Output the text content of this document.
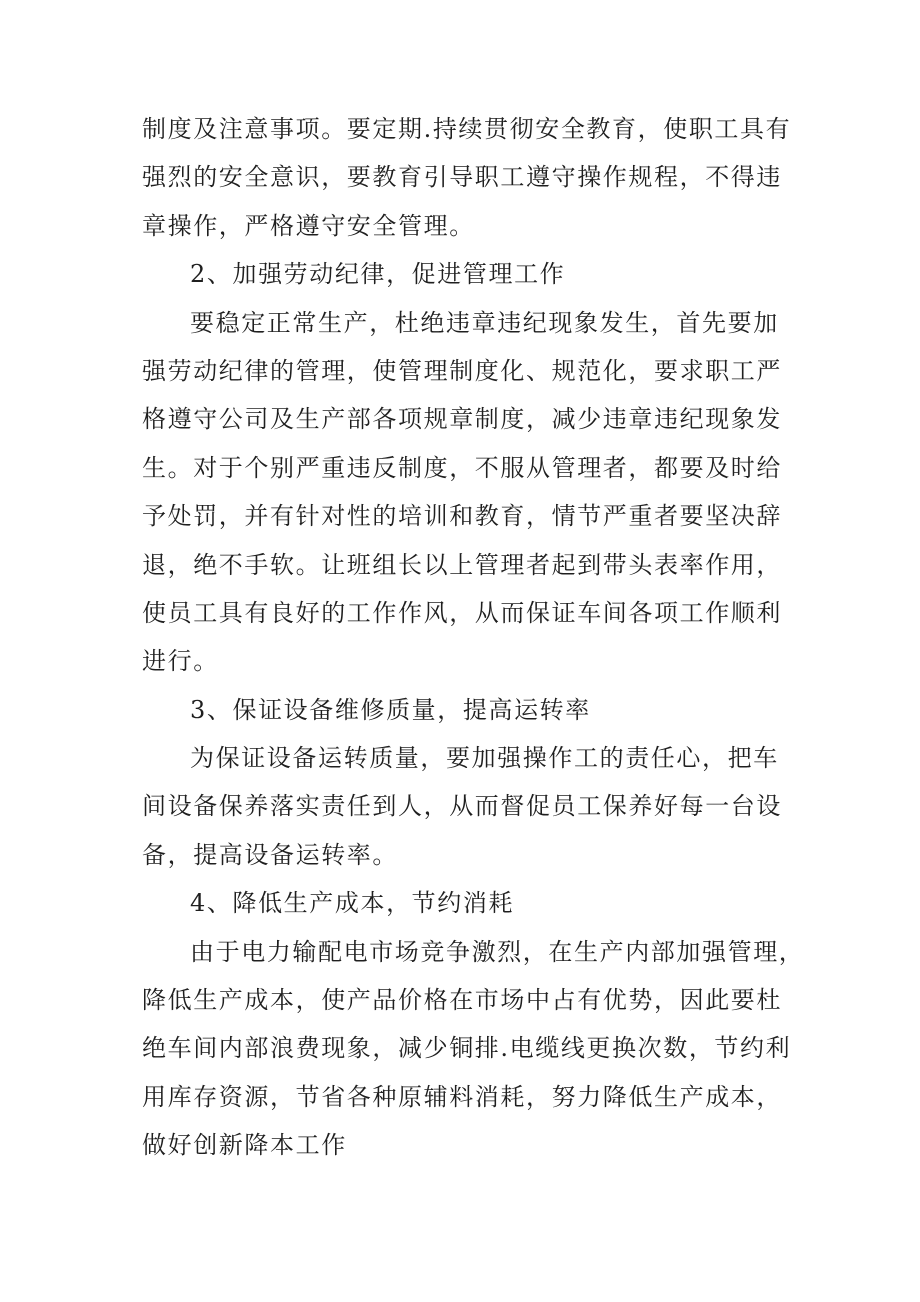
制度及注意事项。要定期.持续贯彻安全教育，使职工具有
强烈的安全意识，要教育引导职工遵守操作规程，不得违
章操作，严格遵守安全管理。
2、加强劳动纪律，促进管理工作
要稳定正常生产，杜绝违章违纪现象发生，首先要加
强劳动纪律的管理，使管理制度化、规范化，要求职工严
格遵守公司及生产部各项规章制度，减少违章违纪现象发
生。对于个别严重违反制度，不服从管理者，都要及时给
予处罚，并有针对性的培训和教育，情节严重者要坚决辞
退，绝不手软。让班组长以上管理者起到带头表率作用，
使员工具有良好的工作作风，从而保证车间各项工作顺利
进行。
3、保证设备维修质量，提高运转率
为保证设备运转质量，要加强操作工的责任心，把车
间设备保养落实责任到人，从而督促员工保养好每一台设
备，提高设备运转率。
4、降低生产成本，节约消耗
由于电力输配电市场竞争激烈，在生产内部加强管理，
降低生产成本，使产品价格在市场中占有优势，因此要杜
绝车间内部浪费现象，减少铜排.电缆线更换次数，节约利
用库存资源，节省各种原辅料消耗，努力降低生产成本，
做好创新降本工作
